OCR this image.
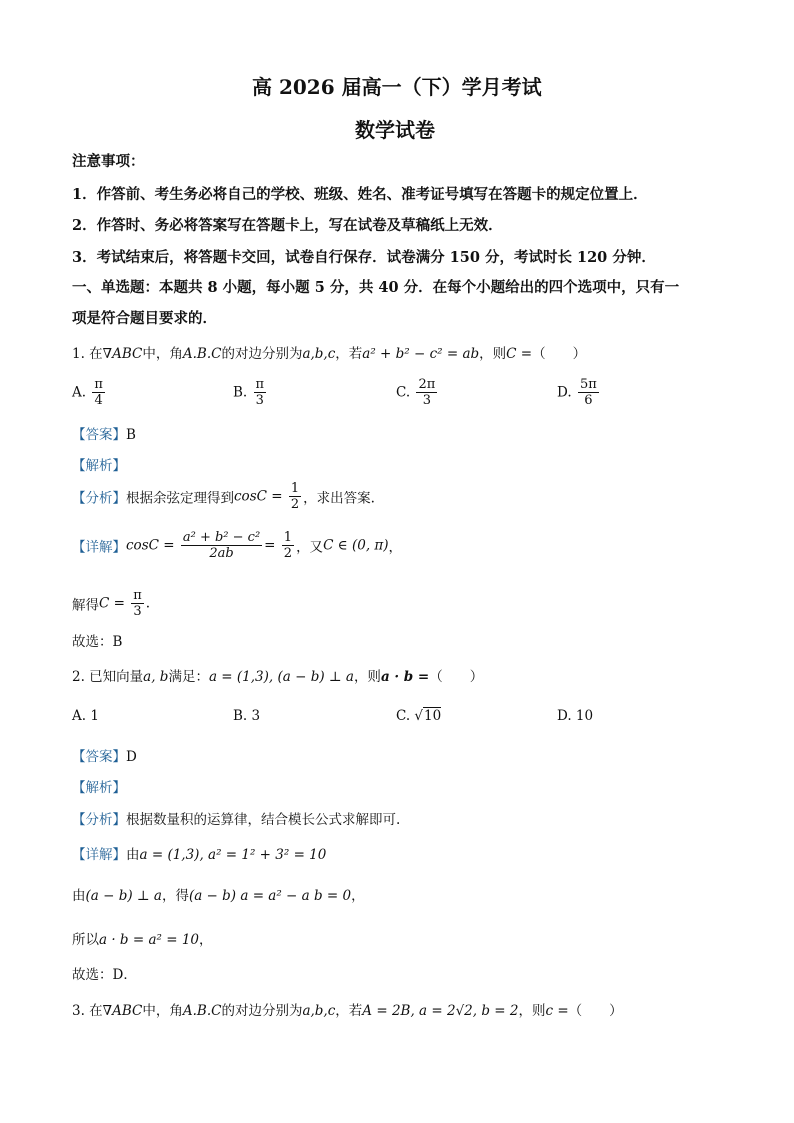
高 2026 届高一（下）学月考试
数学试卷
注意事项：
1．作答前、考生务必将自己的学校、班级、姓名、准考证号填写在答题卡的规定位置上．
2．作答时、务必将答案写在答题卡上，写在试卷及草稿纸上无效．
3．考试结束后，将答题卡交回，试卷自行保存．试卷满分 150 分，考试时长 120 分钟．
一、单选题：本题共 8 小题，每小题 5 分，共 40 分．在每个小题给出的四个选项中，只有一
项是符合题目要求的．
1. 在∇ABC中，角A.B.C的对边分别为a,b,c，若a² + b² − c² = ab，则C =（　　）
A. $\frac{\pi}{4}$	B. $\frac{\pi}{3}$	C. $\frac{2\pi}{3}$	D. $\frac{5\pi}{6}$
【答案】B
【解析】
【分析】根据余弦定理得到$\cos C = \frac{1}{2}$ ，求出答案.
【详解】$\cos C = \frac{\text{a² + b² − c²}}{2ab} = \frac{1}{2}$ ，又C ∈ (0, π)，
解得$C = \frac{\pi}{3}$ .
故选：B
2. 已知向量a, b满足：a = (1,3), (a − b) ⊥ a，则a · b =（　　）
A. 1	B. 3	C. √10	D. 10
【答案】D
【解析】
【分析】根据数量积的运算律，结合模长公式求解即可.
【详解】由a = (1,3), a² = 1² + 3² = 10
由(a − b) ⊥ a，得(a − b) a = a² − a b = 0，
所以a · b = a² = 10，
故选：D．
3. 在∇ABC中，角A.B.C的对边分别为a,b,c，若A = 2B, a = 2√2, b = 2，则c =（　　）
